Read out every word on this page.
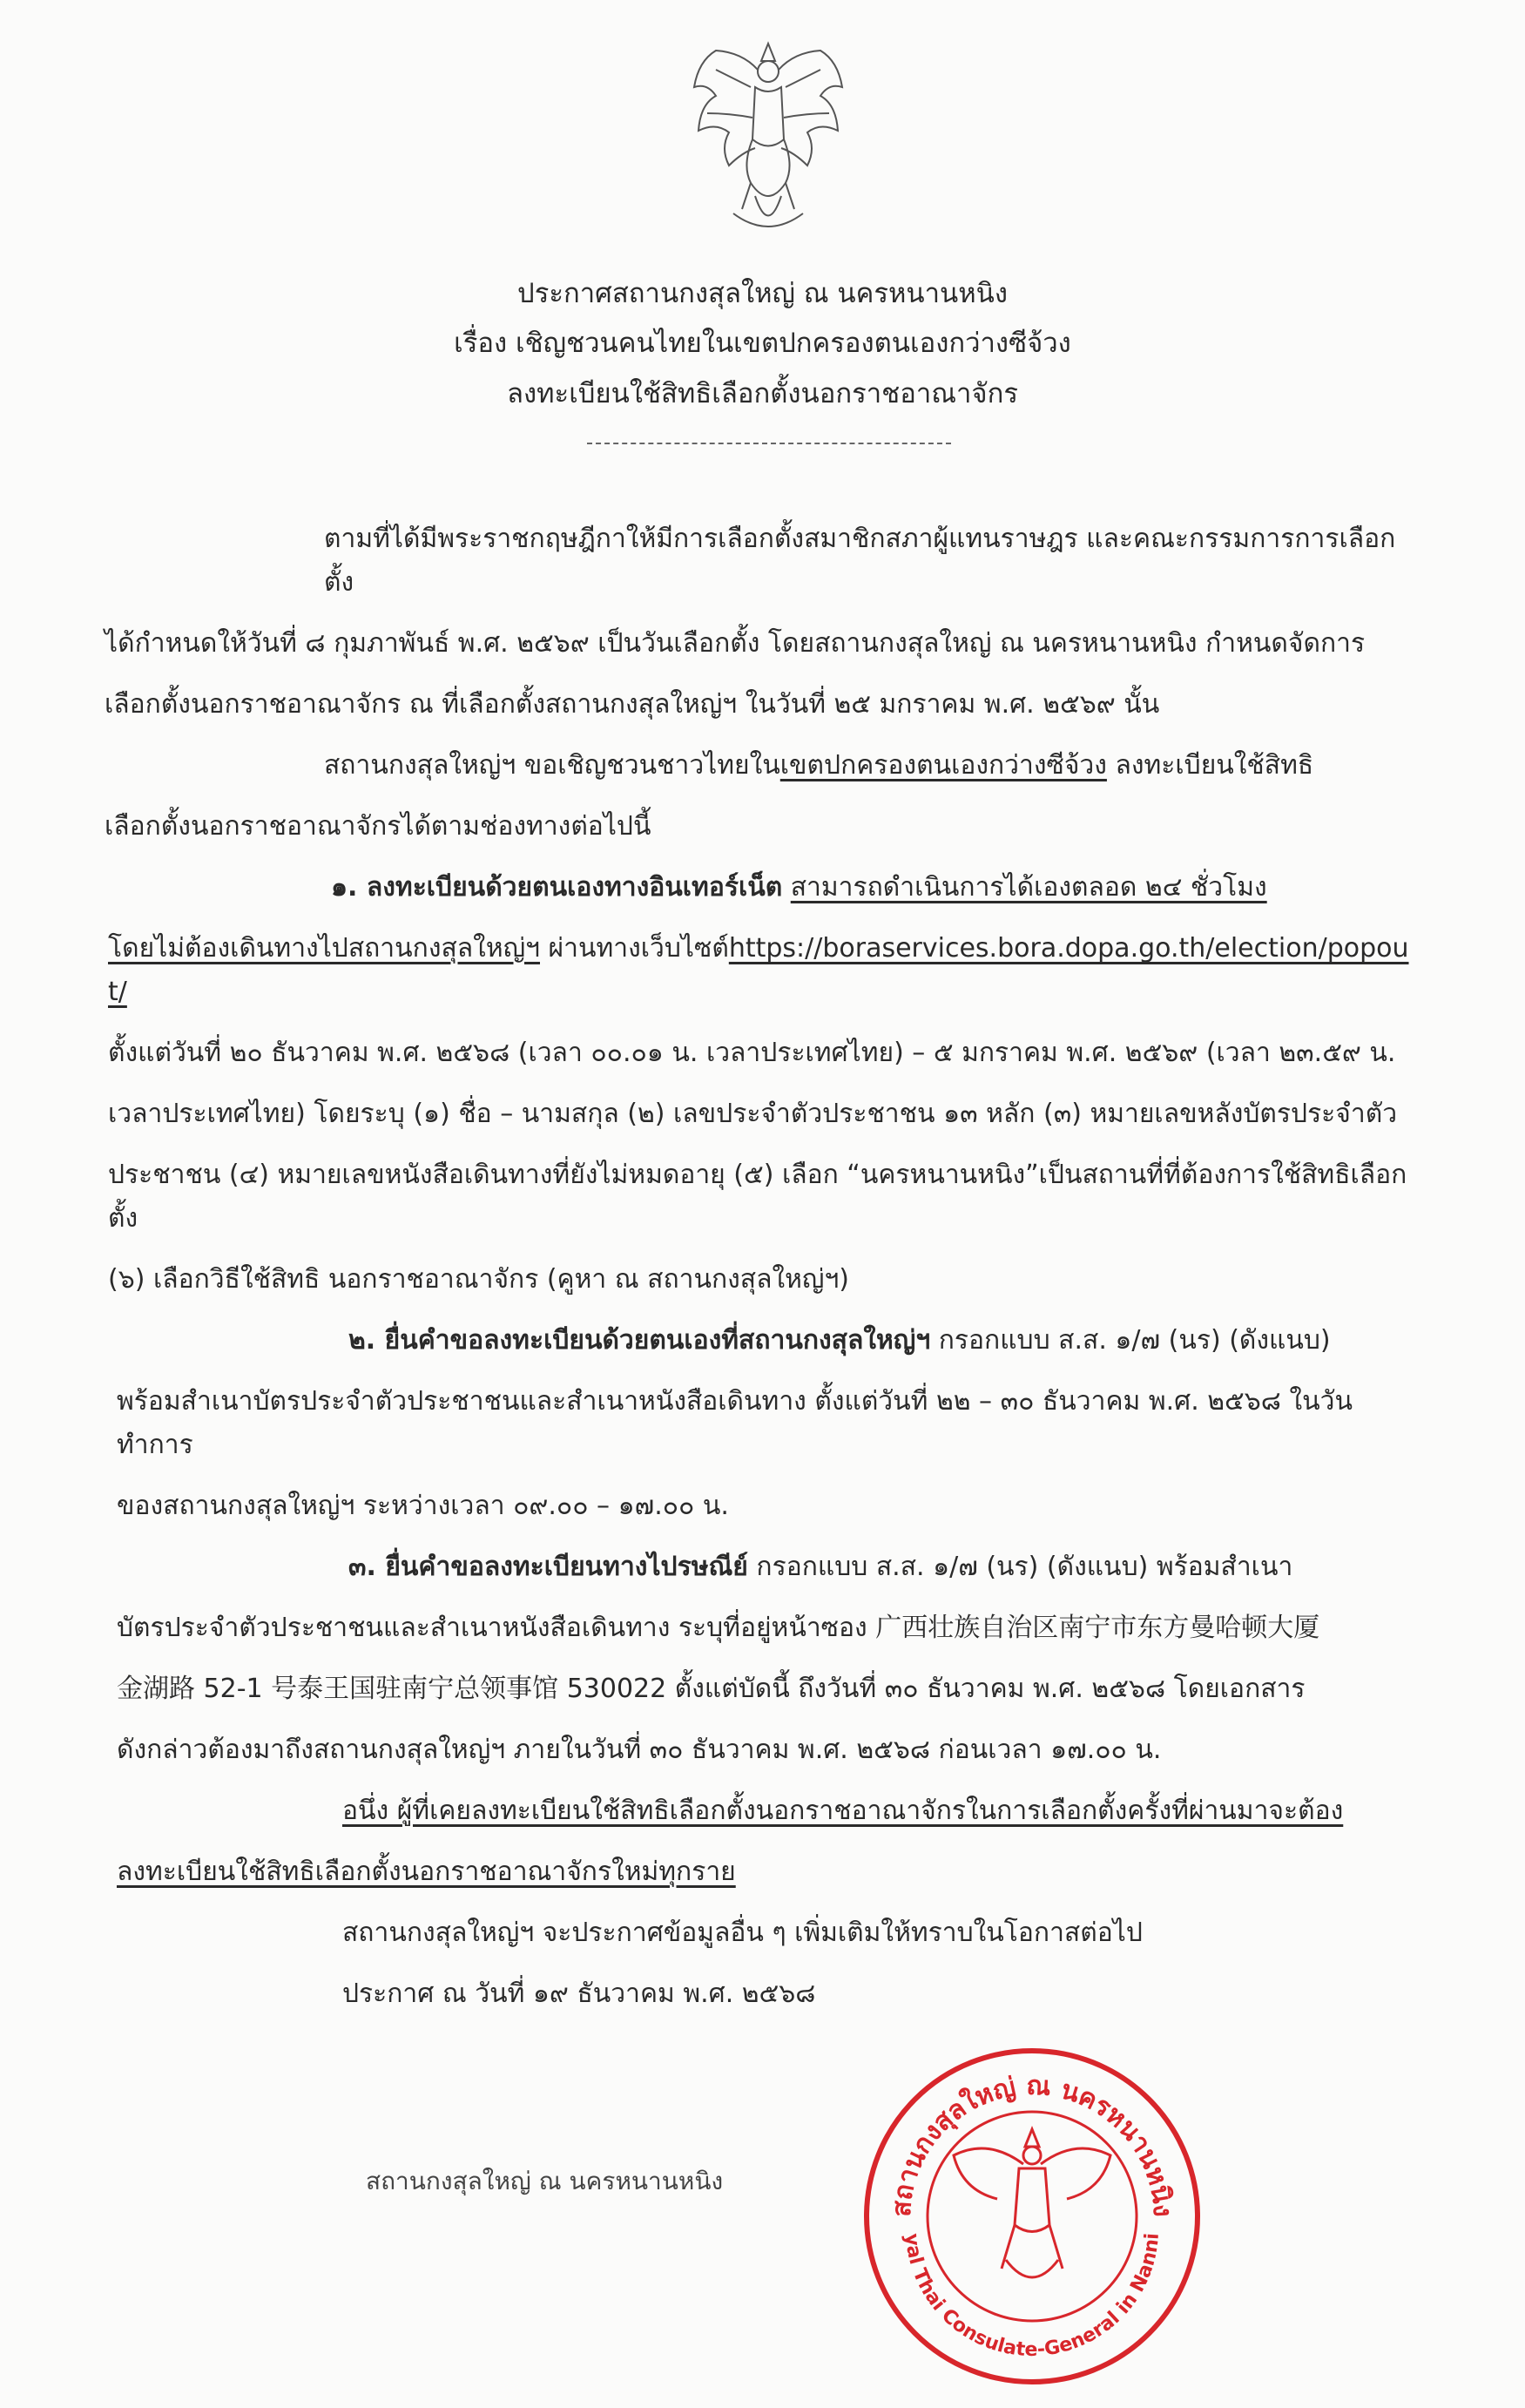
ประกาศสถานกงสุลใหญ่ ณ นครหนานหนิง
เรื่อง เชิญชวนคนไทยในเขตปกครองตนเองกว่างซีจ้วง
ลงทะเบียนใช้สิทธิเลือกตั้งนอกราชอาณาจักร
ตามที่ได้มีพระราชกฤษฎีกาให้มีการเลือกตั้งสมาชิกสภาผู้แทนราษฎร และคณะกรรมการการเลือกตั้ง
ได้กำหนดให้วันที่ ๘ กุมภาพันธ์ พ.ศ. ๒๕๖๙ เป็นวันเลือกตั้ง โดยสถานกงสุลใหญ่ ณ นครหนานหนิง กำหนดจัดการ
เลือกตั้งนอกราชอาณาจักร ณ ที่เลือกตั้งสถานกงสุลใหญ่ฯ ในวันที่ ๒๕ มกราคม พ.ศ. ๒๕๖๙ นั้น
สถานกงสุลใหญ่ฯ ขอเชิญชวนชาวไทยในเขตปกครองตนเองกว่างซีจ้วง ลงทะเบียนใช้สิทธิ
เลือกตั้งนอกราชอาณาจักรได้ตามช่องทางต่อไปนี้
๑. ลงทะเบียนด้วยตนเองทางอินเทอร์เน็ต สามารถดำเนินการได้เองตลอด ๒๔ ชั่วโมง
โดยไม่ต้องเดินทางไปสถานกงสุลใหญ่ฯ ผ่านทางเว็บไซต์https://boraservices.bora.dopa.go.th/election/popout/
ตั้งแต่วันที่ ๒๐ ธันวาคม พ.ศ. ๒๕๖๘ (เวลา ๐๐.๐๑ น. เวลาประเทศไทย) – ๕ มกราคม พ.ศ. ๒๕๖๙ (เวลา ๒๓.๕๙ น.
เวลาประเทศไทย) โดยระบุ (๑) ชื่อ – นามสกุล (๒) เลขประจำตัวประชาชน ๑๓ หลัก (๓) หมายเลขหลังบัตรประจำตัว
ประชาชน (๔) หมายเลขหนังสือเดินทางที่ยังไม่หมดอายุ (๕) เลือก “นครหนานหนิง”เป็นสถานที่ที่ต้องการใช้สิทธิเลือกตั้ง
(๖) เลือกวิธีใช้สิทธิ นอกราชอาณาจักร (คูหา ณ สถานกงสุลใหญ่ฯ)
๒. ยื่นคำขอลงทะเบียนด้วยตนเองที่สถานกงสุลใหญ่ฯ กรอกแบบ ส.ส. ๑/๗ (นร) (ดังแนบ)
พร้อมสำเนาบัตรประจำตัวประชาชนและสำเนาหนังสือเดินทาง ตั้งแต่วันที่ ๒๒ – ๓๐ ธันวาคม พ.ศ. ๒๕๖๘ ในวันทำการ
ของสถานกงสุลใหญ่ฯ ระหว่างเวลา ๐๙.๐๐ – ๑๗.๐๐ น.
๓. ยื่นคำขอลงทะเบียนทางไปรษณีย์ กรอกแบบ ส.ส. ๑/๗ (นร) (ดังแนบ) พร้อมสำเนา
บัตรประจำตัวประชาชนและสำเนาหนังสือเดินทาง ระบุที่อยู่หน้าซอง 广西壮族自治区南宁市东方曼哈顿大厦
金湖路 52-1 号泰王国驻南宁总领事馆 530022 ตั้งแต่บัดนี้ ถึงวันที่ ๓๐ ธันวาคม พ.ศ. ๒๕๖๘ โดยเอกสาร
ดังกล่าวต้องมาถึงสถานกงสุลใหญ่ฯ ภายในวันที่ ๓๐ ธันวาคม พ.ศ. ๒๕๖๘ ก่อนเวลา ๑๗.๐๐ น.
อนึ่ง ผู้ที่เคยลงทะเบียนใช้สิทธิเลือกตั้งนอกราชอาณาจักรในการเลือกตั้งครั้งที่ผ่านมาจะต้อง
ลงทะเบียนใช้สิทธิเลือกตั้งนอกราชอาณาจักรใหม่ทุกราย
สถานกงสุลใหญ่ฯ จะประกาศข้อมูลอื่น ๆ เพิ่มเติมให้ทราบในโอกาสต่อไป
ประกาศ ณ วันที่ ๑๙ ธันวาคม พ.ศ. ๒๕๖๘
สถานกงสุลใหญ่ ณ นครหนานหนิง
สถานกงสุลใหญ่ ณ นครหนานหนิง
yal Thai Consulate-General in Nanni
